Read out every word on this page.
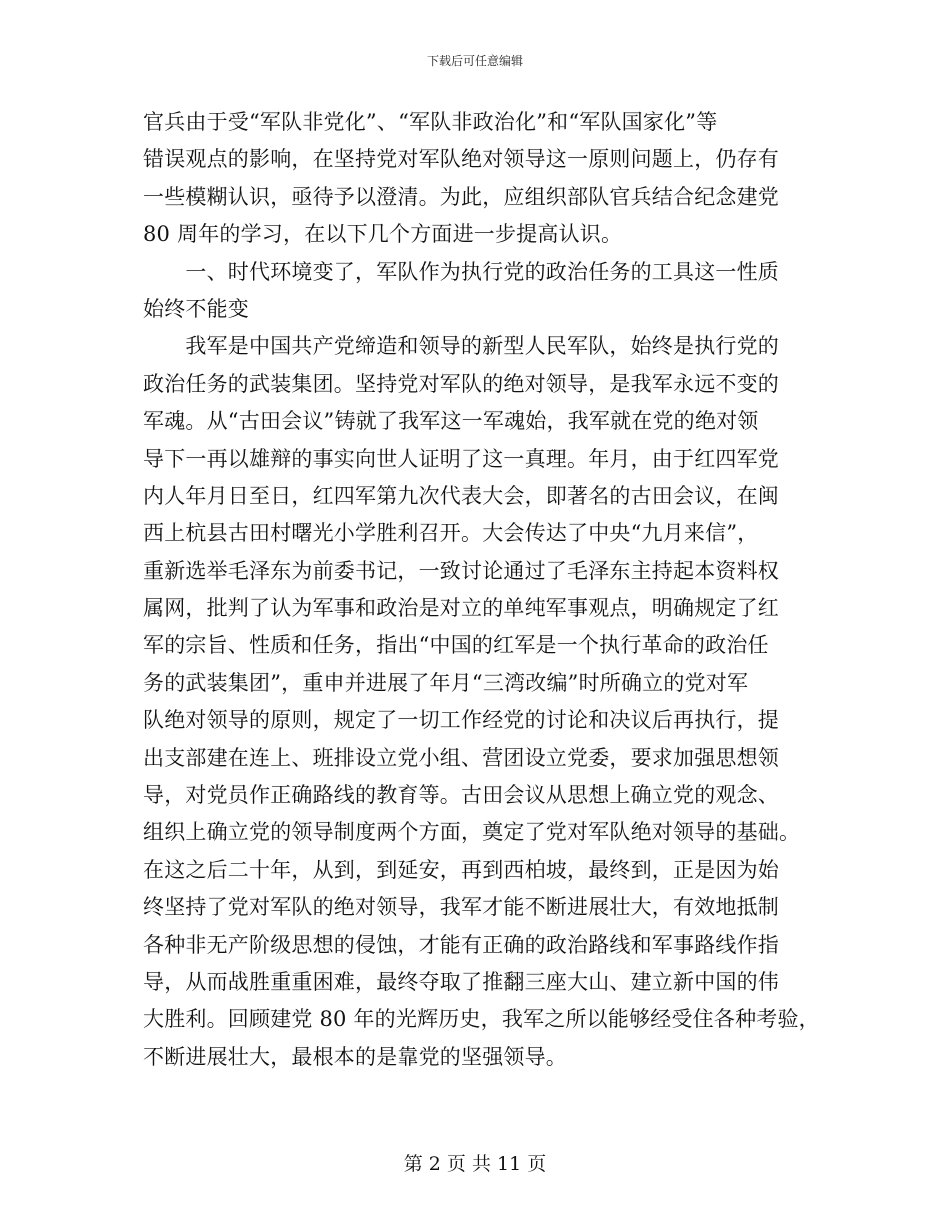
下载后可任意编辑
官兵由于受“军队非党化”、“军队非政治化”和“军队国家化”等
错误观点的影响，在坚持党对军队绝对领导这一原则问题上，仍存有
一些模糊认识，亟待予以澄清。为此，应组织部队官兵结合纪念建党
80 周年的学习，在以下几个方面进一步提高认识。
　　一、时代环境变了，军队作为执行党的政治任务的工具这一性质
始终不能变
　　我军是中国共产党缔造和领导的新型人民军队，始终是执行党的
政治任务的武装集团。坚持党对军队的绝对领导，是我军永远不变的
军魂。从“古田会议”铸就了我军这一军魂始，我军就在党的绝对领
导下一再以雄辩的事实向世人证明了这一真理。年月，由于红四军党
内人年月日至日，红四军第九次代表大会，即著名的古田会议，在闽
西上杭县古田村曙光小学胜利召开。大会传达了中央“九月来信”，
重新选举毛泽东为前委书记，一致讨论通过了毛泽东主持起本资料权
属网，批判了认为军事和政治是对立的单纯军事观点，明确规定了红
军的宗旨、性质和任务，指出“中国的红军是一个执行革命的政治任
务的武装集团”，重申并进展了年月“三湾改编”时所确立的党对军
队绝对领导的原则，规定了一切工作经党的讨论和决议后再执行，提
出支部建在连上、班排设立党小组、营团设立党委，要求加强思想领
导，对党员作正确路线的教育等。古田会议从思想上确立党的观念、
组织上确立党的领导制度两个方面，奠定了党对军队绝对领导的基础。
在这之后二十年，从到，到延安，再到西柏坡，最终到，正是因为始
终坚持了党对军队的绝对领导，我军才能不断进展壮大，有效地抵制
各种非无产阶级思想的侵蚀，才能有正确的政治路线和军事路线作指
导，从而战胜重重困难，最终夺取了推翻三座大山、建立新中国的伟
大胜利。回顾建党 80 年的光辉历史，我军之所以能够经受住各种考验，
不断进展壮大，最根本的是靠党的坚强领导。
第 2 页 共 11 页
